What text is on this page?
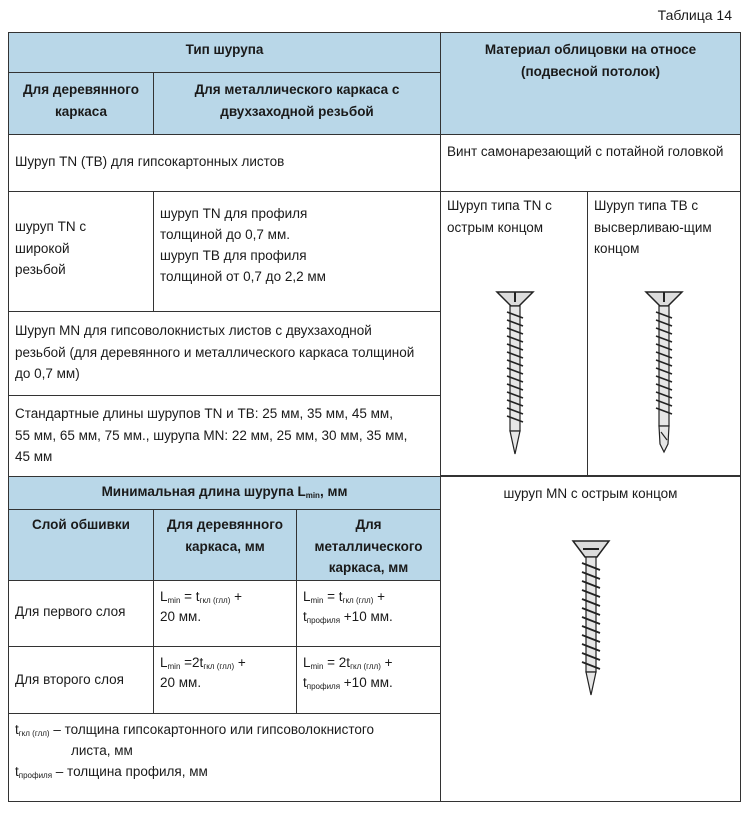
Таблица 14
Тип шурупа	Материал облицовки на относе (подвесной потолок)
Для деревянного каркаса
Для металлического каркаса с двухзаходной резьбой
Шуруп TN (ТВ) для гипсокартонных листов
Винт самонарезающий с потайной головкой
шуруп TN с широкой резьбой
шуруп TN для профиля
толщиной до 0,7 мм.
шуруп TB для профиля
толщиной от 0,7 до 2,2 мм
Шуруп типа TN с острым концом
Шуруп типа TB с высверливаю-щим концом
Шуруп MN для гипсоволокнистых листов с двухзаходной резьбой (для деревянного и металлического каркаса толщиной до 0,7 мм)
Стандартные длины шурупов TN и ТВ: 25 мм, 35 мм, 45 мм, 55 мм, 65 мм, 75 мм., шурупа MN: 22 мм, 25 мм, 30 мм, 35 мм, 45 мм
Минимальная длина шурупа $L_{min}$, мм
Слой обшивки	Для деревянного каркаса, мм
Для металлического каркаса, мм
шуруп MN с острым концом
Для первого слоя
$L_{min} = t_{гкл (глл)}$ +
20 мм.
$L_{min} = t_{гкл (глл)}$ +
$t_{профиля} +10$ мм.
Для второго слоя
$L_{min} =2t_{гкл (глл)}$ +
20 мм.
$L_{min} = 2t_{гкл (глл)}$ +
$t_{профиля} +10$ мм.
$t_{гкл (глл)}$ – толщина гипсокартонного или гипсоволокнистого
листа, мм
$t_{профиля}$ – толщина профиля, мм
